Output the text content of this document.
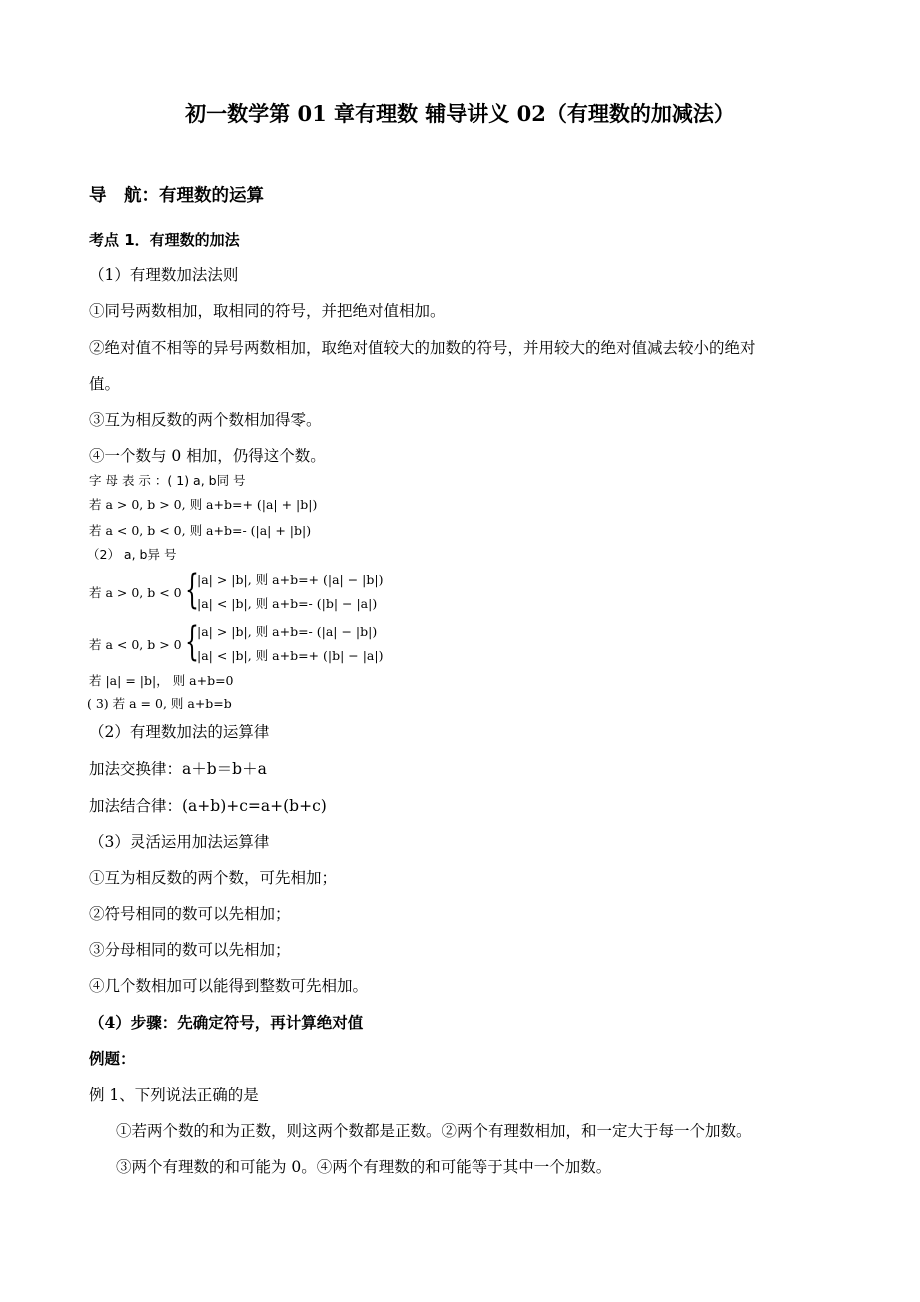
初一数学第 01 章有理数 辅导讲义 02（有理数的加减法）
导　航：有理数的运算
考点 1．有理数的加法
（1）有理数加法法则
①同号两数相加，取相同的符号，并把绝对值相加。
②绝对值不相等的异号两数相加，取绝对值较大的加数的符号，并用较大的绝对值减去较小的绝对
值。
③互为相反数的两个数相加得零。
④一个数与 0 相加，仍得这个数。
字 母 表 示 ：( 1) a, b同 号
若 a > 0, b > 0, 则 a+b=+ (|a| + |b|)
若 a < 0, b < 0, 则 a+b=- (|a| + |b|)
（2） a, b异 号
若 a > 0, b < 0 {
|a| > |b|, 则 a+b=+ (|a| − |b|)
|a| < |b|, 则 a+b=- (|b| − |a|)
若 a < 0, b > 0 {
|a| > |b|, 则 a+b=- (|a| − |b|)
|a| < |b|, 则 a+b=+ (|b| − |a|)
若 |a| = |b|， 则 a+b=0
( 3) 若 a = 0, 则 a+b=b
（2）有理数加法的运算律
加法交换律：a＋b＝b＋a
加法结合律：(a+b)+c=a+(b+c)
（3）灵活运用加法运算律
①互为相反数的两个数，可先相加；
②符号相同的数可以先相加；
③分母相同的数可以先相加；
④几个数相加可以能得到整数可先相加。
（4）步骤：先确定符号，再计算绝对值
例题：
例 1、下列说法正确的是
①若两个数的和为正数，则这两个数都是正数。②两个有理数相加，和一定大于每一个加数。
③两个有理数的和可能为 0。④两个有理数的和可能等于其中一个加数。
